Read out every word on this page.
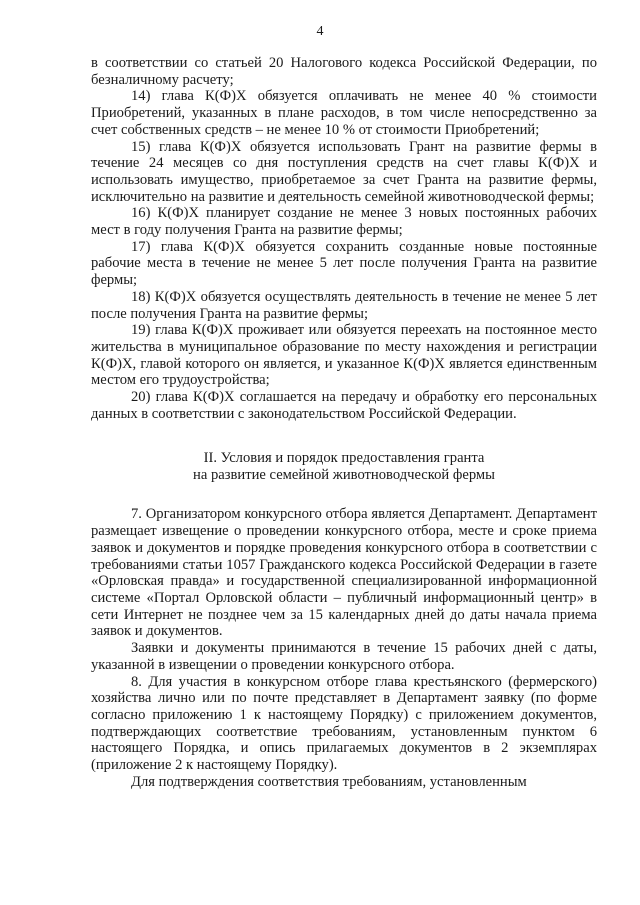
4

в соответствии со статьей 20 Налогового кодекса Российской Федерации, по безналичному расчету;

14) глава К(Ф)Х обязуется оплачивать не менее 40 % стоимости Приобретений, указанных в плане расходов, в том числе непосредственно за счет собственных средств – не менее 10 % от стоимости Приобретений;

15) глава К(Ф)Х обязуется использовать Грант на развитие фермы в течение 24 месяцев со дня поступления средств на счет главы К(Ф)Х и использовать имущество, приобретаемое за счет Гранта на развитие фермы, исключительно на развитие и деятельность семейной животноводческой фермы;

16) К(Ф)Х планирует создание не менее 3 новых постоянных рабочих мест в году получения Гранта на развитие фермы;

17) глава К(Ф)Х обязуется сохранить созданные новые постоянные рабочие места в течение не менее 5 лет после получения Гранта на развитие фермы;

18) К(Ф)Х обязуется осуществлять деятельность в течение не менее 5 лет после получения Гранта на развитие фермы;

19) глава К(Ф)Х проживает или обязуется переехать на постоянное место жительства в муниципальное образование по месту нахождения и регистрации К(Ф)Х, главой которого он является, и указанное К(Ф)Х является единственным местом его трудоустройства;

20) глава К(Ф)Х соглашается на передачу и обработку его персональных данных в соответствии с законодательством Российской Федерации.

II. Условия и порядок предоставления гранта
на развитие семейной животноводческой фермы

7. Организатором конкурсного отбора является Департамент. Департамент размещает извещение о проведении конкурсного отбора, месте и сроке приема заявок и документов и порядке проведения конкурсного отбора в соответствии с требованиями статьи 1057 Гражданского кодекса Российской Федерации в газете «Орловская правда» и государственной специализированной информационной системе «Портал Орловской области – публичный информационный центр» в сети Интернет не позднее чем за 15 календарных дней до даты начала приема заявок и документов.

Заявки и документы принимаются в течение 15 рабочих дней с даты, указанной в извещении о проведении конкурсного отбора.

8. Для участия в конкурсном отборе глава крестьянского (фермерского) хозяйства лично или по почте представляет в Департамент заявку (по форме согласно приложению 1 к настоящему Порядку) с приложением документов, подтверждающих соответствие требованиям, установленным пунктом 6 настоящего Порядка, и опись прилагаемых документов в 2 экземплярах (приложение 2 к настоящему Порядку).

Для подтверждения соответствия требованиям, установленным
